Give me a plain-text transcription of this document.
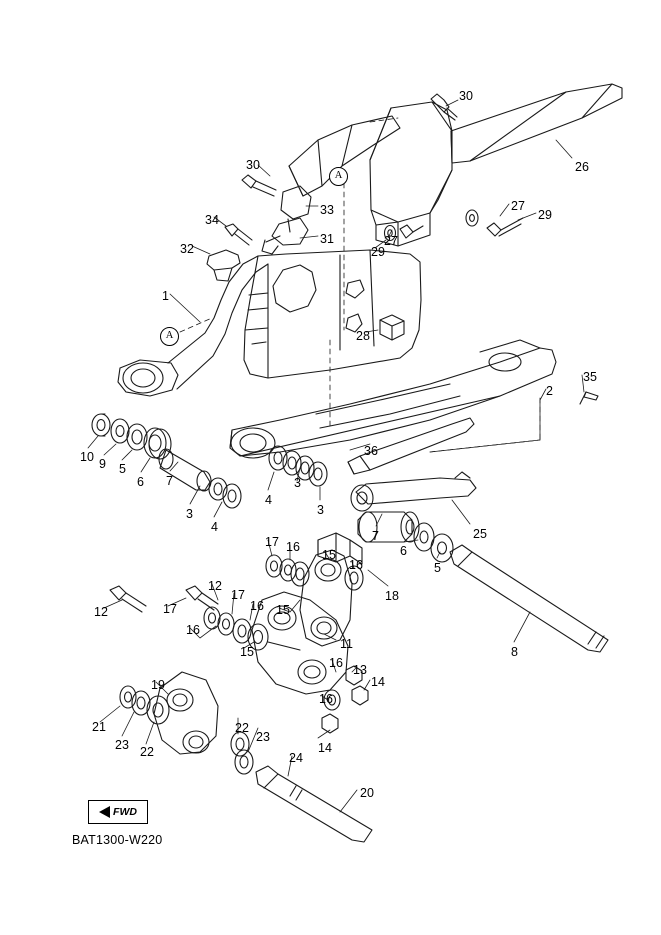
A
A
30
26
30
33	27
29
34
31	27
32	29
1
28
35
2
10 9 5
6 7
3
4
4
3
3
36
25
7
6
5
17 16
15
16
18
12
17
16 15
12	17
16
15
11
16 13
14
16
8
19
21
23 22
22
23
14
24
20
FWD
BAT1300-W220
